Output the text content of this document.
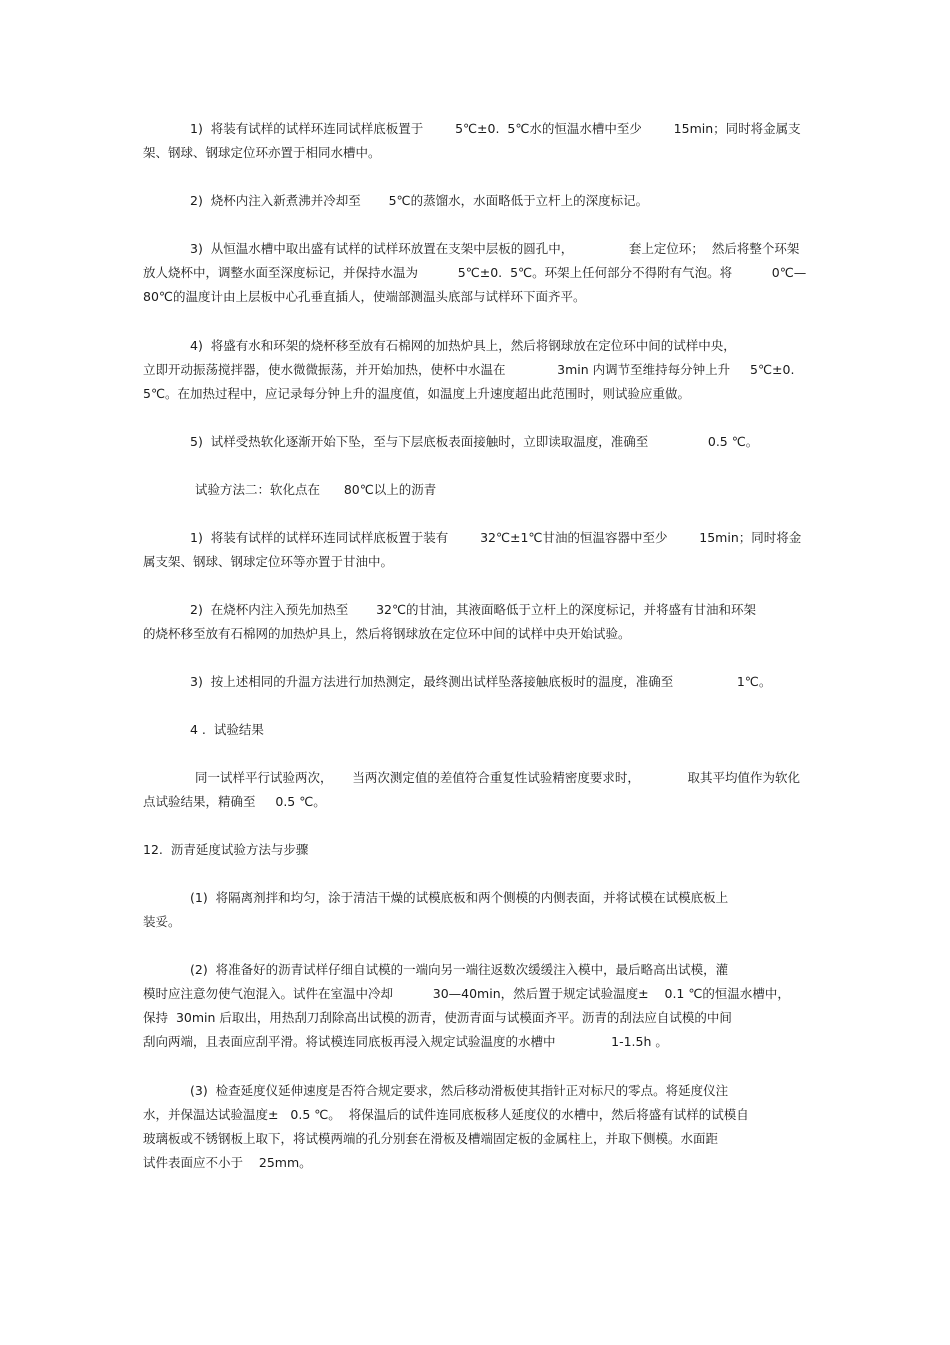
1)  将装有试样的试样环连同试样底板置于        5℃±0.  5℃水的恒温水槽中至少        15min；同时将金属支
架、钢球、钢球定位环亦置于相同水槽中。
2)  烧杯内注入新煮沸并冷却至       5℃的蒸馏水，水面略低于立杆上的深度标记。
3)  从恒温水槽中取出盛有试样的试样环放置在支架中层板的圆孔中，              套上定位环；  然后将整个环架
放人烧杯中，调整水面至深度标记，并保持水温为          5℃±0.  5℃。环架上任何部分不得附有气泡。将          0℃—
80℃的温度计由上层板中心孔垂直插人，使端部测温头底部与试样环下面齐平。
4)  将盛有水和环架的烧杯移至放有石棉网的加热炉具上，然后将钢球放在定位环中间的试样中央，
立即开动振荡搅拌器，使水微微振荡，并开始加热，使杯中水温在             3min 内调节至维持每分钟上升     5℃±0.
5℃。在加热过程中，应记录每分钟上升的温度值，如温度上升速度超出此范围时，则试验应重做。
5)  试样受热软化逐渐开始下坠，至与下层底板表面接触时，立即读取温度，准确至               0.5 ℃。
试验方法二：软化点在      80℃以上的沥青
1)  将装有试样的试样环连同试样底板置于装有        32℃±1℃甘油的恒温容器中至少        15min；同时将金
属支架、钢球、钢球定位环等亦置于甘油中。
2)  在烧杯内注入预先加热至       32℃的甘油，其液面略低于立杆上的深度标记，并将盛有甘油和环架
的烧杯移至放有石棉网的加热炉具上，然后将钢球放在定位环中间的试样中央开始试验。
3)  按上述相同的升温方法进行加热测定，最终测出试样坠落接触底板时的温度，准确至                1℃。
4 .  试验结果
同一试样平行试验两次，     当两次测定值的差值符合重复性试验精密度要求时，            取其平均值作为软化
点试验结果，精确至     0.5 ℃。
12.  沥青延度试验方法与步骤
(1)  将隔离剂拌和均匀，涂于清洁干燥的试模底板和两个侧模的内侧表面，并将试模在试模底板上
装妥。
(2)  将准备好的沥青试样仔细自试模的一端向另一端往返数次缓缓注入模中，最后略高出试模，灌
模时应注意勿使气泡混入。试件在室温中冷却          30—40min，然后置于规定试验温度±    0.1 ℃的恒温水槽中，
保持  30min 后取出，用热刮刀刮除高出试模的沥青，使沥青面与试模面齐平。沥青的刮法应自试模的中间
刮向两端，且表面应刮平滑。将试模连同底板再浸入规定试验温度的水槽中              1-1.5h 。
(3)  检查延度仪延伸速度是否符合规定要求，然后移动滑板使其指针正对标尺的零点。将延度仪注
水，并保温达试验温度±   0.5 ℃。  将保温后的试件连同底板移人延度仪的水槽中，然后将盛有试样的试模自
玻璃板或不锈钢板上取下，将试模两端的孔分别套在滑板及槽端固定板的金属柱上，并取下侧模。水面距
试件表面应不小于    25mm。
